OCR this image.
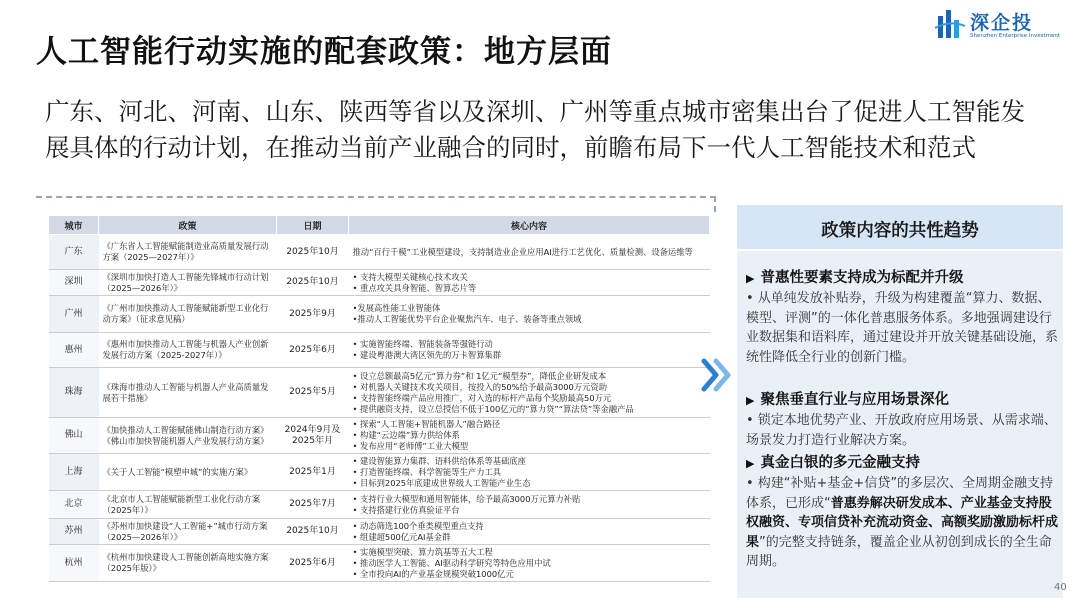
人工智能行动实施的配套政策：地方层面
深企投
Shenzhen Enterprise Investment
广东、河北、河南、山东、陕西等省以及深圳、广州等重点城市密集出台了促进人工智能发展具体的行动计划，在推动当前产业融合的同时，前瞻布局下一代人工智能技术和范式
城市	政策	日期	核心内容
广东	《广东省人工智能赋能制造业高质量发展行动方案（2025—2027年）》	2025年10月	推动“百行千模”工业模型建设，支持制造业企业应用AI进行工艺优化、质量检测、设备运维等

深圳	《深圳市加快打造人工智能先锋城市行动计划（2025—2026年）》	2025年10月	• 支持大模型关键核心技术攻关
• 重点攻关具身智能、智算芯片等

广州	《广州市加快推动人工智能赋能新型工业化行动方案》（征求意见稿）	2025年9月	•发展高性能工业智能体
•推动人工智能优势平台企业聚焦汽车、电子、装备等重点领域

惠州	《惠州市加快推动人工智能与机器人产业创新发展行动方案（2025-2027年）》	2025年6月	• 实施智能终端、智能装备等强链行动
• 建设粤港澳大湾区领先的万卡智算集群

珠海	《珠海市推动人工智能与机器人产业高质量发展若干措施》	2025年5月	• 设立总额最高5亿元“算力券”和 1亿元“模型券”，降低企业研发成本
• 对机器人关键技术攻关项目，按投入的50%给予最高3000万元资助
• 支持智能终端产品应用推广，对入选的标杆产品每个奖励最高50万元
• 提供融资支持，设立总授信不低于100亿元的“算力贷”“算法贷”等金融产品

佛山	《加快推动人工智能赋能佛山制造行动方案》《佛山市加快智能机器人产业发展行动方案》	2024年9月及2025年月	• 探索“人工智能+智能机器人”融合路径
• 构建“云边端”算力供给体系
• 发布应用“老师傅”工业大模型

上海	《关于人工智能“模塑申城”的实施方案》	2025年1月	• 建设智能算力集群、语料供给体系等基础底座
• 打造智能终端、科学智能等生产力工具
• 目标到2025年底建成世界级人工智能产业生态

北京	《北京市人工智能赋能新型工业化行动方案（2025年）》	2025年7月	• 支持行业大模型和通用智能体，给予最高3000万元算力补贴
• 支持搭建行业仿真验证平台

苏州	《苏州市加快建设“人工智能+”城市行动方案（2025—2026年）》	2025年10月	• 动态筛选100个垂类模型重点支持
• 组建超500亿元AI基金群

杭州	《杭州市加快建设人工智能创新高地实施方案（2025年版）》	2025年6月	• 实施模型突破、算力筑基等五大工程
• 推动医学人工智能、AI驱动科学研究等特色应用中试
• 全市投向AI的产业基金规模突破1000亿元
政策内容的共性趋势
▶ 普惠性要素支持成为标配并升级
• 从单纯发放补贴券，升级为构建覆盖“算力、数据、模型、评测”的一体化普惠服务体系。多地强调建设行业数据集和语料库，通过建设并开放关键基础设施，系统性降低全行业的创新门槛。
▶ 聚焦垂直行业与应用场景深化
• 锁定本地优势产业、开放政府应用场景、从需求端、场景发力打造行业解决方案。
▶ 真金白银的多元金融支持
• 构建“补贴+基金+信贷”的多层次、全周期金融支持体系，已形成“普惠券解决研发成本、产业基金支持股权融资、专项信贷补充流动资金、高额奖励激励标杆成果”的完整支持链条，覆盖企业从初创到成长的全生命周期。
40
